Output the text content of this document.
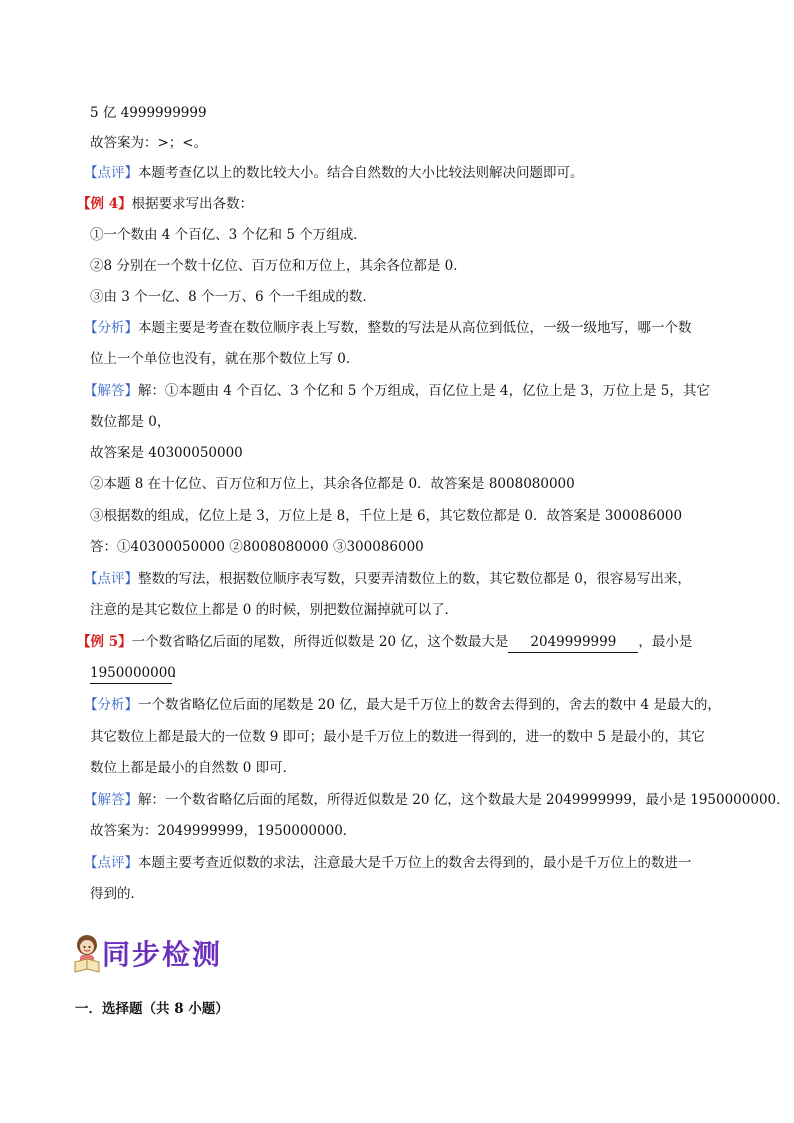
5 亿 4999999999
故答案为：>；<。
【点评】本题考查亿以上的数比较大小。结合自然数的大小比较法则解决问题即可。
【例 4】根据要求写出各数：
①一个数由 4 个百亿、3 个亿和 5 个万组成．
②8 分别在一个数十亿位、百万位和万位上，其余各位都是 0．
③由 3 个一亿、8 个一万、6 个一千组成的数．
【分析】本题主要是考查在数位顺序表上写数，整数的写法是从高位到低位，一级一级地写，哪一个数
位上一个单位也没有，就在那个数位上写 0．
【解答】解：①本题由 4 个百亿、3 个亿和 5 个万组成，百亿位上是 4，亿位上是 3，万位上是 5，其它
数位都是 0，
故答案是 40300050000
②本题 8 在十亿位、百万位和万位上，其余各位都是 0．故答案是 8008080000
③根据数的组成，亿位上是 3，万位上是 8，千位上是 6，其它数位都是 0．故答案是 300086000
答：①40300050000 ②8008080000 ③300086000
【点评】整数的写法，根据数位顺序表写数，只要弄清数位上的数，其它数位都是 0，很容易写出来，
注意的是其它数位上都是 0 的时候，别把数位漏掉就可以了．
【例 5】一个数省略亿后面的尾数，所得近似数是 20 亿，这个数最大是 2049999999 ，最小是
1950000000．
【分析】一个数省略亿位后面的尾数是 20 亿，最大是千万位上的数舍去得到的，舍去的数中 4 是最大的，
其它数位上都是最大的一位数 9 即可；最小是千万位上的数进一得到的，进一的数中 5 是最小的，其它
数位上都是最小的自然数 0 即可．
【解答】解：一个数省略亿后面的尾数，所得近似数是 20 亿，这个数最大是 2049999999，最小是 1950000000．
故答案为：2049999999，1950000000．
【点评】本题主要考查近似数的求法，注意最大是千万位上的数舍去得到的，最小是千万位上的数进一
得到的．
同步检测
一．选择题（共 8 小题）
